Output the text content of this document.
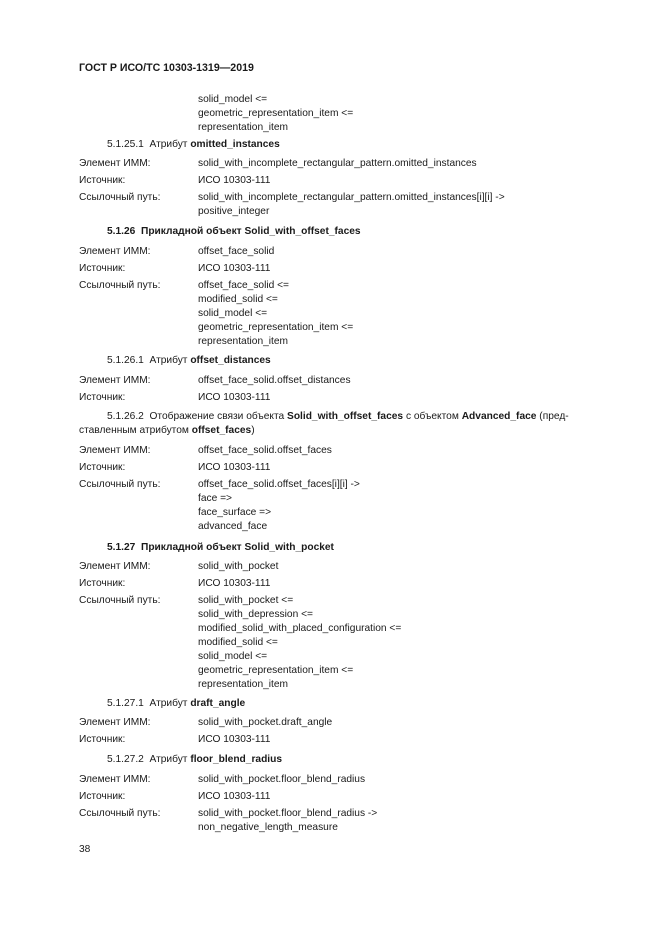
ГОСТ Р ИСО/ТС 10303-1319—2019
solid_model <=
geometric_representation_item <=
representation_item
5.1.25.1 Атрибут omitted_instances
Элемент ИММ:	solid_with_incomplete_rectangular_pattern.omitted_instances
Источник:	ИСО 10303-111
Ссылочный путь:	solid_with_incomplete_rectangular_pattern.omitted_instances[i][i] ->
positive_integer
5.1.26 Прикладной объект Solid_with_offset_faces
Элемент ИММ:	offset_face_solid
Источник:	ИСО 10303-111
Ссылочный путь:	offset_face_solid <=
modified_solid <=
solid_model <=
geometric_representation_item <=
representation_item
5.1.26.1 Атрибут offset_distances
Элемент ИММ:	offset_face_solid.offset_distances
Источник:	ИСО 10303-111
5.1.26.2 Отображение связи объекта Solid_with_offset_faces с объектом Advanced_face (пред-
ставленным атрибутом offset_faces)
Элемент ИММ:	offset_face_solid.offset_faces
Источник:	ИСО 10303-111
Ссылочный путь:	offset_face_solid.offset_faces[i][i] ->
face =>
face_surface =>
advanced_face
5.1.27 Прикладной объект Solid_with_pocket
Элемент ИММ:	solid_with_pocket
Источник:	ИСО 10303-111
Ссылочный путь:	solid_with_pocket <=
solid_with_depression <=
modified_solid_with_placed_configuration <=
modified_solid <=
solid_model <=
geometric_representation_item <=
representation_item
5.1.27.1 Атрибут draft_angle
Элемент ИММ:	solid_with_pocket.draft_angle
Источник:	ИСО 10303-111
5.1.27.2 Атрибут floor_blend_radius
Элемент ИММ:	solid_with_pocket.floor_blend_radius
Источник:	ИСО 10303-111
Ссылочный путь:	solid_with_pocket.floor_blend_radius ->
non_negative_length_measure
38
